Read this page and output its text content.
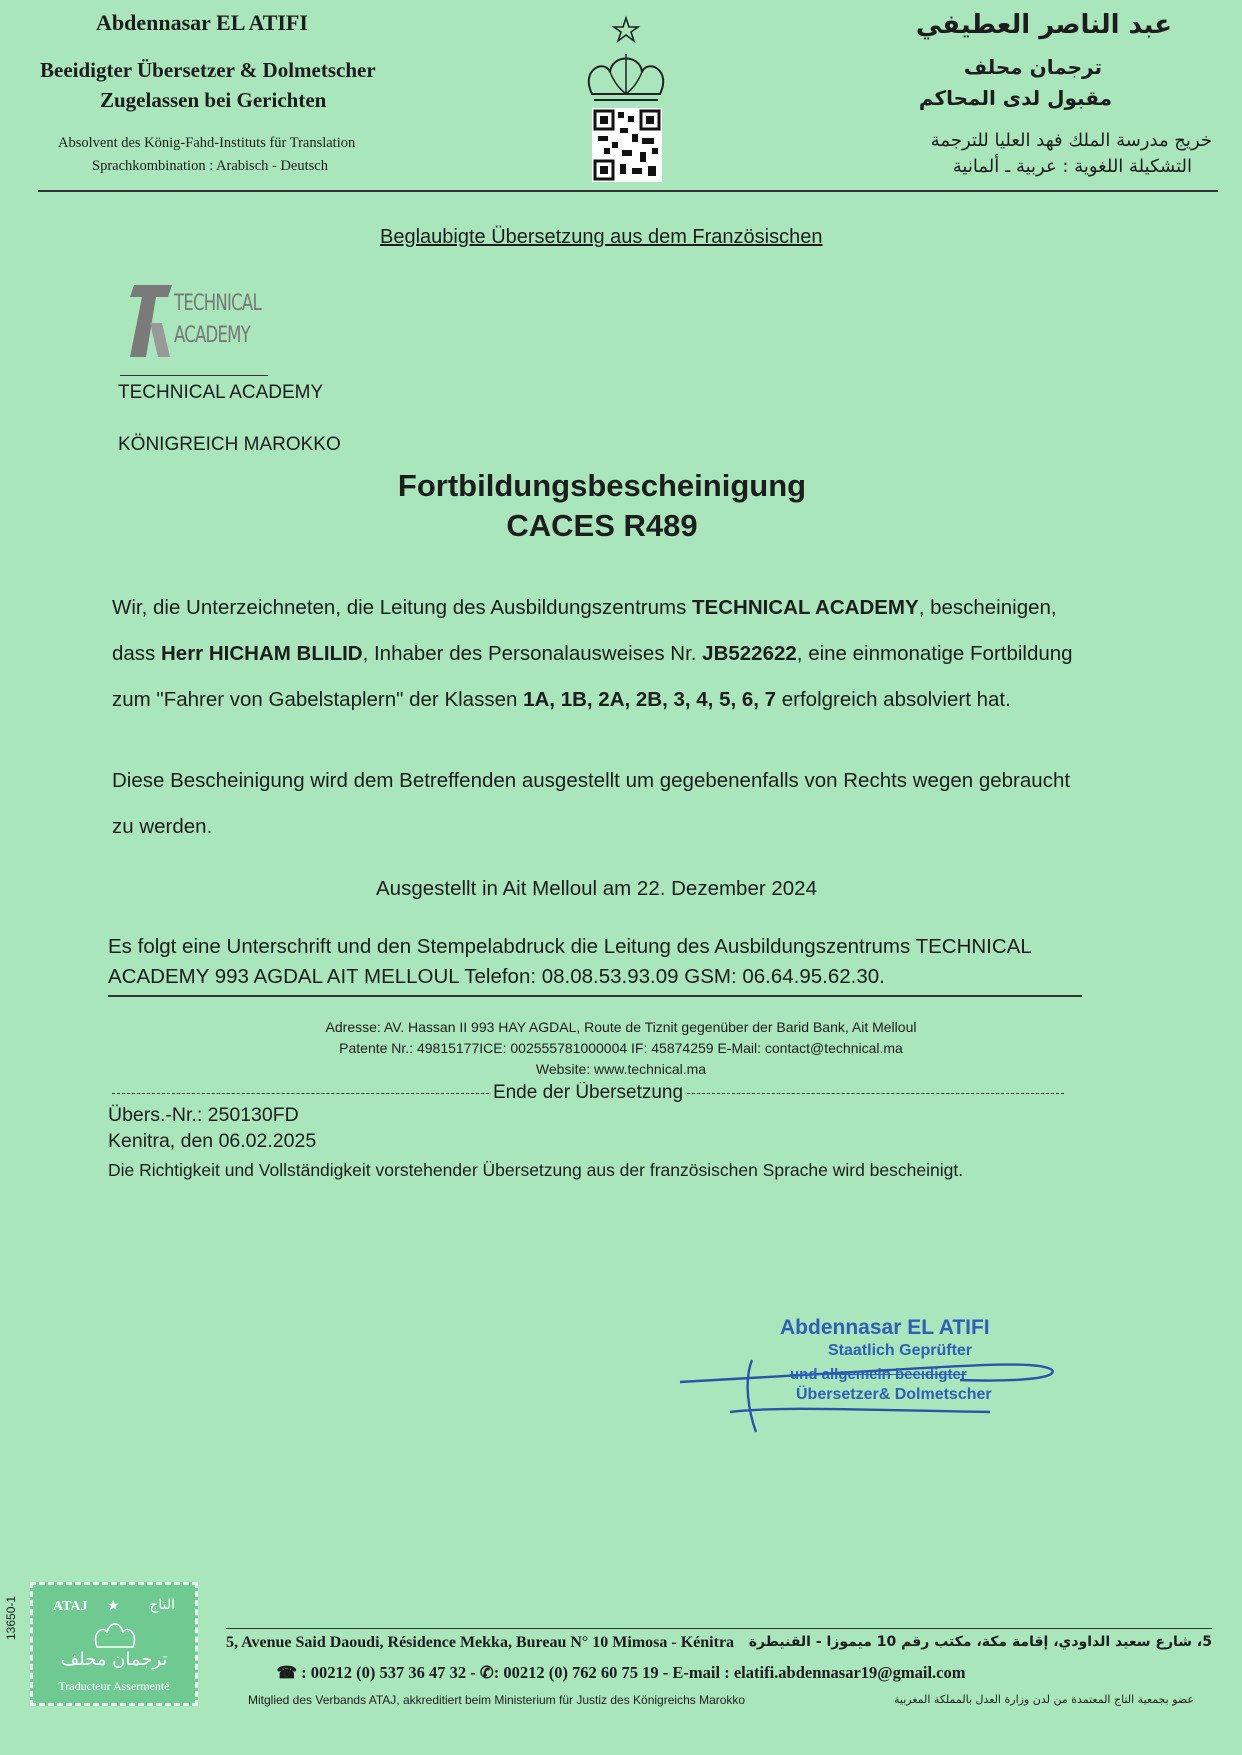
Abdennasar EL ATIFI
Beeidigter Übersetzer & Dolmetscher
Zugelassen bei Gerichten
Absolvent des König-Fahd-Instituts für Translation
Sprachkombination : Arabisch - Deutsch
عبد الناصر العطيفي
ترجمان محلف
مقبول لدى المحاكم
خريج مدرسة الملك فهد العليا للترجمة
التشكيلة اللغوية : عربية ـ ألمانية
Beglaubigte Übersetzung aus dem Französischen
TECHNICAL
ACADEMY
TECHNICAL ACADEMY
KÖNIGREICH MAROKKO
Fortbildungsbescheinigung
CACES R489
Wir, die Unterzeichneten, die Leitung des Ausbildungszentrums TECHNICAL ACADEMY, bescheinigen, dass Herr HICHAM BLILID, Inhaber des Personalausweises Nr. JB522622, eine einmonatige Fortbildung zum "Fahrer von Gabelstaplern" der Klassen 1A, 1B, 2A, 2B, 3, 4, 5, 6, 7 erfolgreich absolviert hat.
Diese Bescheinigung wird dem Betreffenden ausgestellt um gegebenenfalls von Rechts wegen gebraucht zu werden.
Ausgestellt in Ait Melloul am 22. Dezember 2024
Es folgt eine Unterschrift und den Stempelabdruck die Leitung des Ausbildungszentrums TECHNICAL ACADEMY 993 AGDAL AIT MELLOUL Telefon: 08.08.53.93.09 GSM: 06.64.95.62.30.
Adresse: AV. Hassan II 993 HAY AGDAL, Route de Tiznit gegenüber der Barid Bank, Ait Melloul
Patente Nr.: 49815177ICE: 002555781000004 IF: 45874259 E-Mail: contact@technical.ma
Website: www.technical.ma
Ende der Übersetzung
Übers.-Nr.: 250130FD
Kenitra, den 06.02.2025
Die Richtigkeit und Vollständigkeit vorstehender Übersetzung aus der französischen Sprache wird bescheinigt.
Abdennasar EL ATIFI
Staatlich Geprüfter
und allgemein beeidigter
Übersetzer& Dolmetscher
ATAJ ★ التاج
ترجمان محلف
Traducteur Assermenté
13650-1
5, Avenue Said Daoudi, Résidence Mekka, Bureau N° 10 Mimosa - Kénitra 5، شارع سعيد الداودي، إقامة مكة، مكتب رقم 10 ميموزا - القنيطرة
☎ : 00212 (0) 537 36 47 32 - ✆: 00212 (0) 762 60 75 19 - E-mail : elatifi.abdennasar19@gmail.com
Mitglied des Verbands ATAJ, akkreditiert beim Ministerium für Justiz des Königreichs Marokko	عضو بجمعية التاج المعتمدة من لدن وزارة العدل بالمملكة المغربية
